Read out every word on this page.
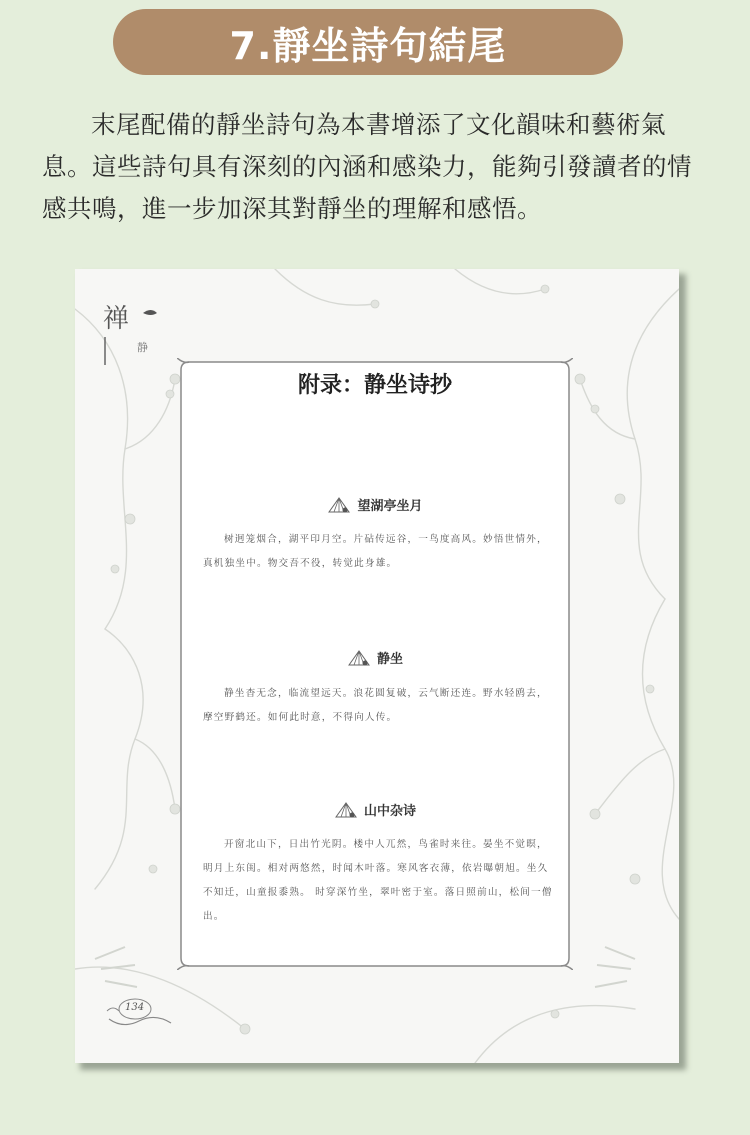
7.靜坐詩句結尾
末尾配備的靜坐詩句為本書增添了文化韻味和藝術氣息。這些詩句具有深刻的內涵和感染力，能夠引發讀者的情感共鳴，進一步加深其對靜坐的理解和感悟。
禅
静
附录：静坐诗抄
望湖亭坐月
树迥笼烟合，湖平印月空。片砧传远谷，一鸟度高风。妙悟世情外，真机独坐中。物交吾不役，转觉此身雄。
静坐
静坐杳无念，临流望远天。浪花圆复破，云气断还连。野水轻鸥去，摩空野鹤还。如何此时意，不得向人传。
山中杂诗
开窗北山下，日出竹光阴。楼中人兀然，鸟雀时来往。晏坐不觉暝，明月上东闺。相对两悠然，时闻木叶落。寒风客衣薄，依岩曝朝旭。坐久不知迁，山童报黍熟。 时穿深竹坐，翠叶密于室。落日照前山，松间一僧出。
134
